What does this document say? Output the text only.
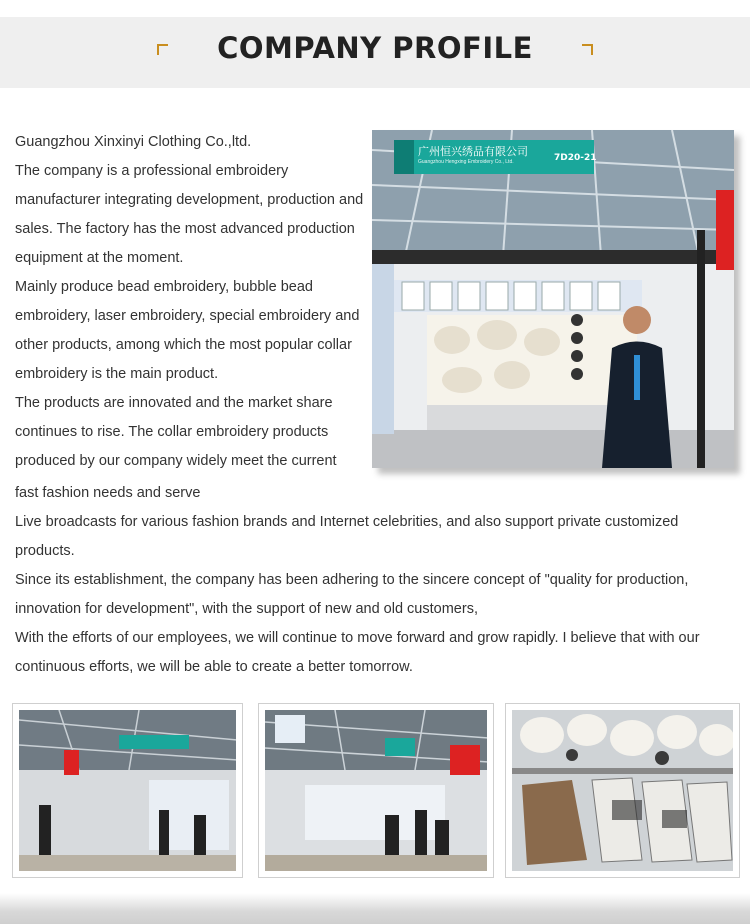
COMPANY PROFILE

Guangzhou Xinxinyi Clothing Co.,ltd.

The company is a professional embroidery manufacturer integrating development, production and sales. The factory has the most advanced production equipment at the moment.

Mainly produce bead embroidery, bubble bead embroidery, laser embroidery, special embroidery and other products, among which the most popular collar embroidery is the main product.

The products are innovated and the market share continues to rise. The collar embroidery products produced by our company widely meet the current

广州恒兴绣品有限公司
Guangzhou Hengxing Embroidery Co., Ltd.	7D20-21

fast fashion needs and serve

Live broadcasts for various fashion brands and Internet celebrities, and also support private customized products.

Since its establishment, the company has been adhering to the sincere concept of "quality for production, innovation for development", with the support of new and old customers,

With the efforts of our employees, we will continue to move forward and grow rapidly. I believe that with our continuous efforts, we will be able to create a better tomorrow.
